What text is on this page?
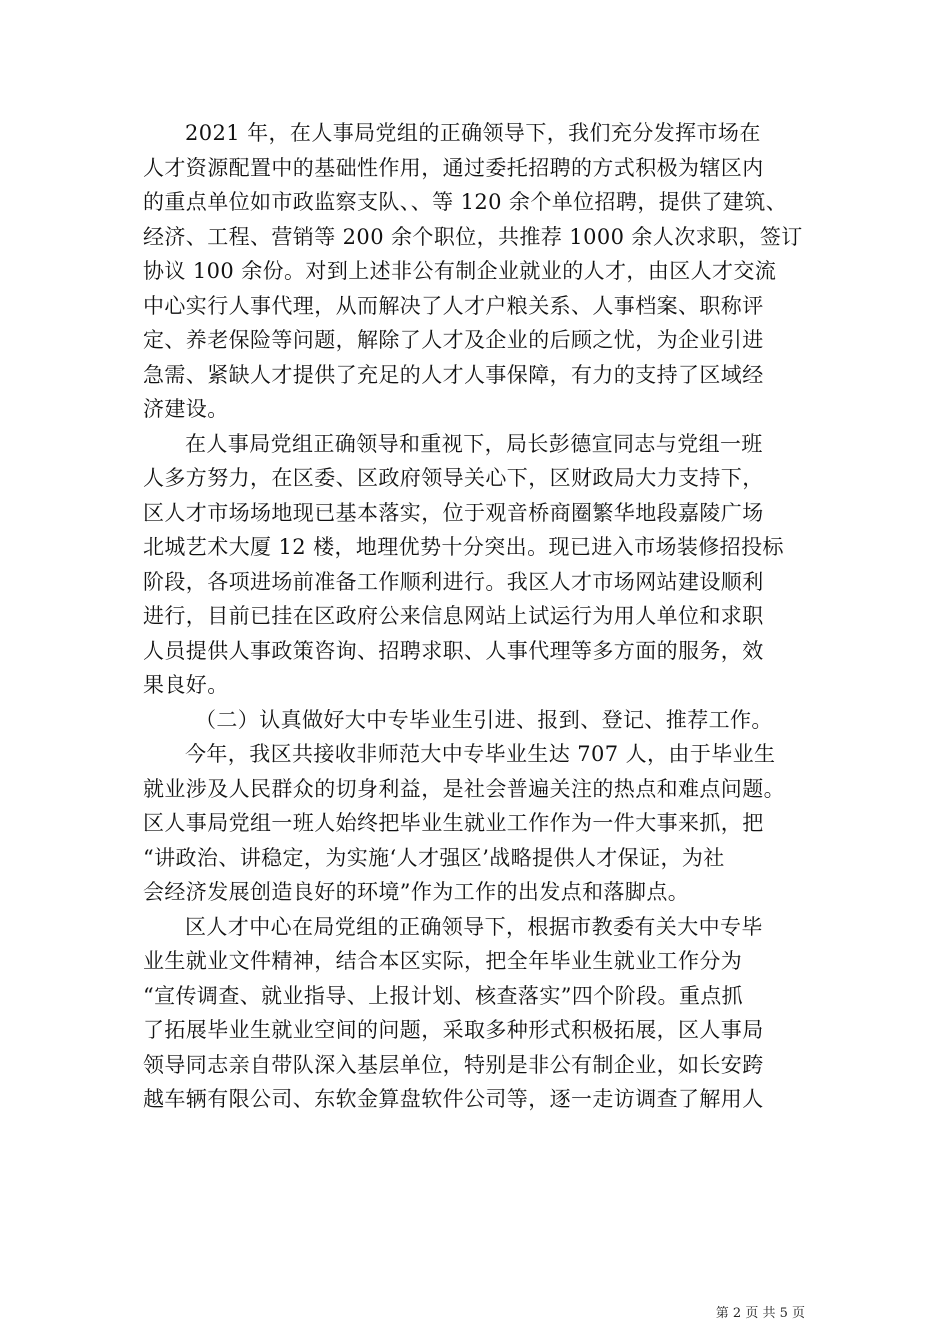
2021 年，在人事局党组的正确领导下，我们充分发挥市场在
人才资源配置中的基础性作用，通过委托招聘的方式积极为辖区内
的重点单位如市政监察支队、、等 120 余个单位招聘，提供了建筑、
经济、工程、营销等 200 余个职位，共推荐 1000 余人次求职，签订
协议 100 余份。对到上述非公有制企业就业的人才，由区人才交流
中心实行人事代理，从而解决了人才户粮关系、人事档案、职称评
定、养老保险等问题，解除了人才及企业的后顾之忧，为企业引进
急需、紧缺人才提供了充足的人才人事保障，有力的支持了区域经
济建设。

在人事局党组正确领导和重视下，局长彭德宣同志与党组一班
人多方努力，在区委、区政府领导关心下，区财政局大力支持下，
区人才市场场地现已基本落实，位于观音桥商圈繁华地段嘉陵广场
北城艺术大厦 12 楼，地理优势十分突出。现已进入市场装修招投标
阶段，各项进场前准备工作顺利进行。我区人才市场网站建设顺利
进行，目前已挂在区政府公来信息网站上试运行为用人单位和求职
人员提供人事政策咨询、招聘求职、人事代理等多方面的服务，效
果良好。

（二）认真做好大中专毕业生引进、报到、登记、推荐工作。

今年，我区共接收非师范大中专毕业生达 707 人，由于毕业生
就业涉及人民群众的切身利益，是社会普遍关注的热点和难点问题。
区人事局党组一班人始终把毕业生就业工作作为一件大事来抓，把
“讲政治、讲稳定，为实施‘人才强区’战略提供人才保证，为社
会经济发展创造良好的环境”作为工作的出发点和落脚点。

区人才中心在局党组的正确领导下，根据市教委有关大中专毕
业生就业文件精神，结合本区实际，把全年毕业生就业工作分为
“宣传调查、就业指导、上报计划、核查落实”四个阶段。重点抓
了拓展毕业生就业空间的问题，采取多种形式积极拓展，区人事局
领导同志亲自带队深入基层单位，特别是非公有制企业，如长安跨
越车辆有限公司、东软金算盘软件公司等，逐一走访调查了解用人

第 2 页 共 5 页
